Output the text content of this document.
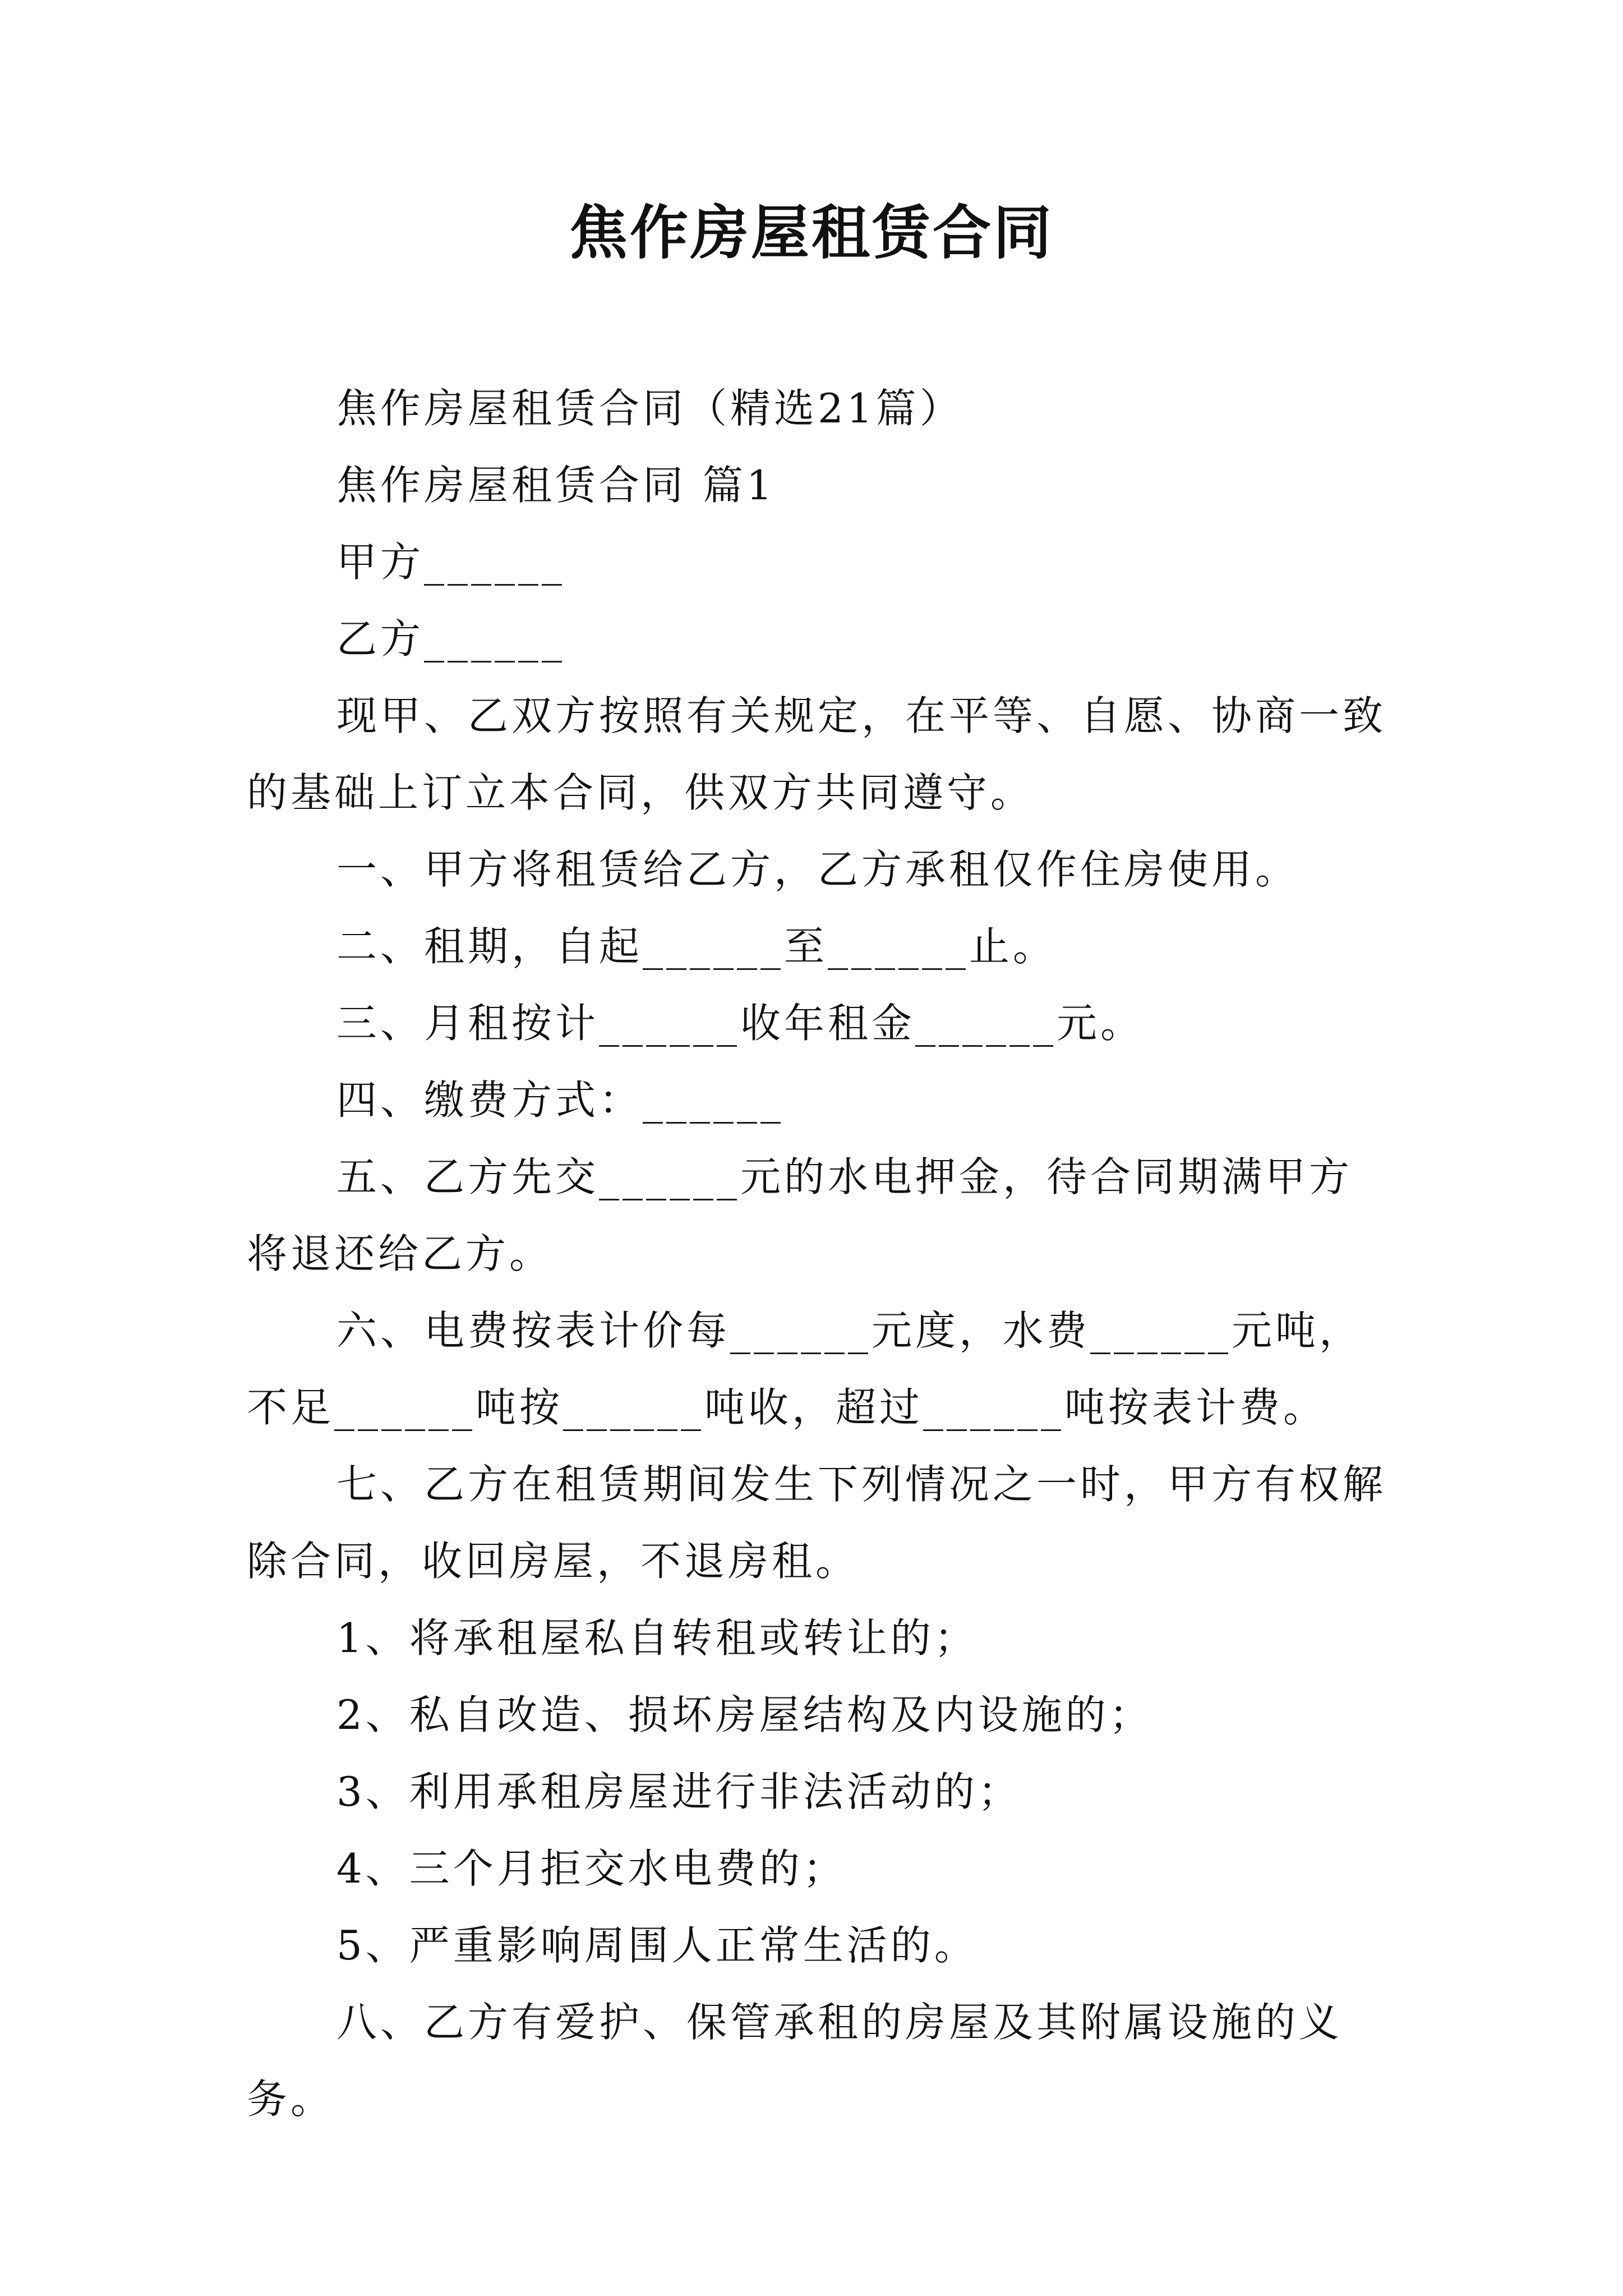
焦作房屋租赁合同

焦作房屋租赁合同（精选21篇）

焦作房屋租赁合同 篇1

甲方______

乙方______

现甲、乙双方按照有关规定，在平等、自愿、协商一致的基础上订立本合同，供双方共同遵守。

一、甲方将租赁给乙方，乙方承租仅作住房使用。

二、租期，自起______至______止。

三、月租按计______收年租金______元。

四、缴费方式：______

五、乙方先交______元的水电押金，待合同期满甲方将退还给乙方。

六、电费按表计价每______元度，水费______元吨，不足______吨按______吨收，超过______吨按表计费。

七、乙方在租赁期间发生下列情况之一时，甲方有权解除合同，收回房屋，不退房租。

1、将承租屋私自转租或转让的；

2、私自改造、损坏房屋结构及内设施的；

3、利用承租房屋进行非法活动的；

4、三个月拒交水电费的；

5、严重影响周围人正常生活的。

八、乙方有爱护、保管承租的房屋及其附属设施的义务。
